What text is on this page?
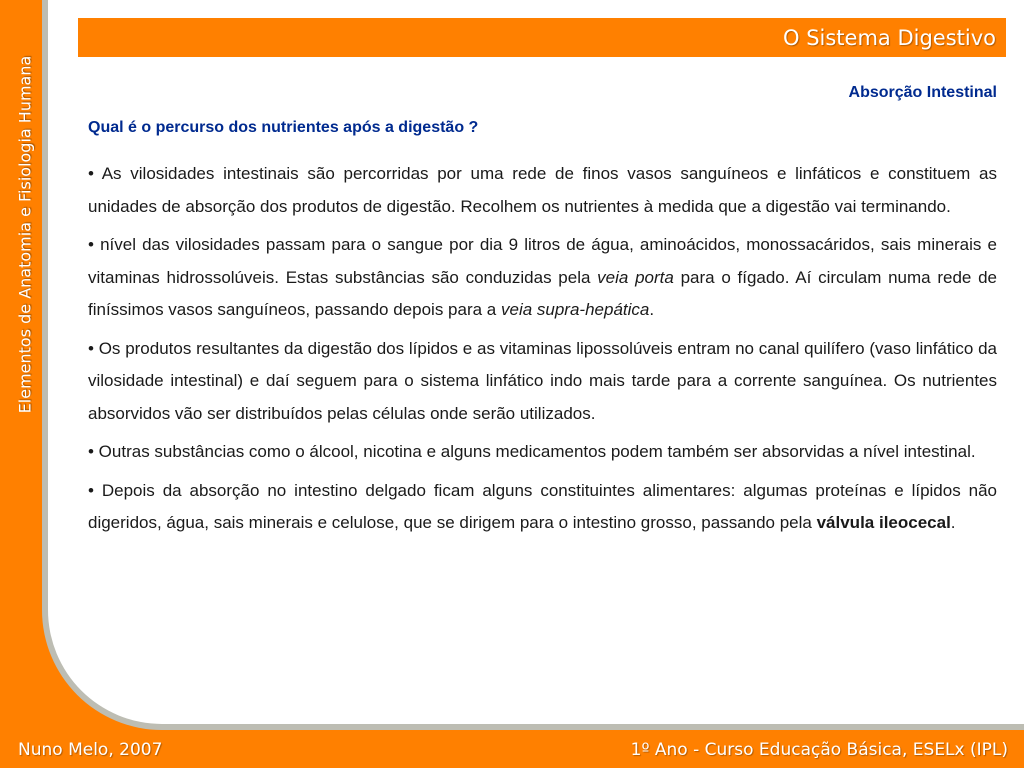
Elementos de Anatomia e Fisiologia Humana
O Sistema Digestivo
Absorção Intestinal
Qual é o percurso dos nutrientes após a digestão ?

• As vilosidades intestinais são percorridas por uma rede de finos vasos sanguíneos e linfáticos e constituem as unidades de absorção dos produtos de digestão. Recolhem os nutrientes à medida que a digestão vai terminando.

• nível das vilosidades passam para o sangue por dia 9 litros de água, aminoácidos, monossacáridos, sais minerais e vitaminas hidrossolúveis. Estas substâncias são conduzidas pela veia porta para o fígado. Aí circulam numa rede de finíssimos vasos sanguíneos, passando depois para a veia supra-hepática.

• Os produtos resultantes da digestão dos lípidos e as vitaminas lipossolúveis entram no canal quilífero (vaso linfático da vilosidade intestinal) e daí seguem para o sistema linfático indo mais tarde para a corrente sanguínea. Os nutrientes absorvidos vão ser distribuídos pelas células onde serão utilizados.

• Outras substâncias como o álcool, nicotina e alguns medicamentos podem também ser absorvidas a nível intestinal.

• Depois da absorção no intestino delgado ficam alguns constituintes alimentares: algumas proteínas e lípidos não digeridos, água, sais minerais e celulose, que se dirigem para o intestino grosso, passando pela válvula ileocecal.

Nuno Melo, 2007	1º Ano - Curso Educação Básica, ESELx (IPL)
